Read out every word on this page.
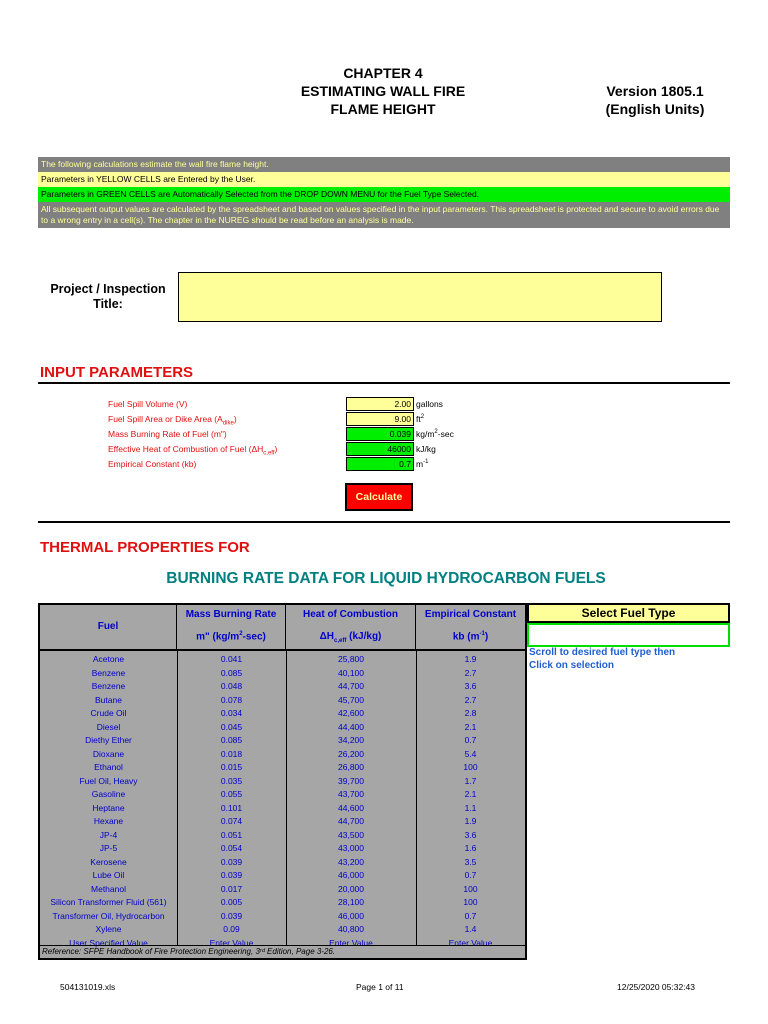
CHAPTER 4
ESTIMATING WALL FIRE
FLAME HEIGHT
Version 1805.1
(English Units)
The following calculations estimate the wall fire flame height.
Parameters in YELLOW CELLS are Entered by the User.
Parameters in GREEN CELLS are Automatically Selected from the DROP DOWN MENU for the Fuel Type Selected.
All subsequent output values are calculated by the spreadsheet and based on values specified in the input parameters. This spreadsheet is protected and secure to avoid errors due to a wrong entry in a cell(s). The chapter in the NUREG should be read before an analysis is made.
Project / Inspection
Title:
INPUT PARAMETERS
Fuel Spill Volume (V)	2.00 gallons
Fuel Spill Area or Dike Area $(A_{dike})$	9.00 $ft^2$
Mass Burning Rate of Fuel (m")	0.039 $kg/m^2-\sec$
Effective Heat of Combustion of Fuel $(\Delta H_{c,eff})$	46000 kJ/kg
Empirical Constant (kb)	0.7 $m^{-1}$
Calculate
THERMAL PROPERTIES FOR
BURNING RATE DATA FOR LIQUID HYDROCARBON FUELS
Fuel
Mass Burning Rate
m" $(kg/m^2-\sec)$
Heat of Combustion
$\Delta H_{c,eff}$ (kJ/kg)
Empirical Constant
kb $(m^{-1})$
Acetone	0.041	25,800	1.9
Benzene	0.085	40,100	2.7
Benzene	0.048	44,700	3.6
Butane	0.078	45,700	2.7
Crude Oil	0.034	42,600	2.8
Diesel	0.045	44,400	2.1
Diethy Ether	0.085	34,200	0.7
Dioxane	0.018	26,200	5.4
Ethanol	0.015	26,800	100
Fuel Oil, Heavy	0.035	39,700	1.7
Gasoline	0.055	43,700	2.1
Heptane	0.101	44,600	1.1
Hexane	0.074	44,700	1.9
JP-4	0.051	43,500	3.6
JP-5	0.054	43,000	1.6
Kerosene	0.039	43,200	3.5
Lube Oil	0.039	46,000	0.7
Methanol	0.017	20,000	100
Silicon Transformer Fluid (561)	0.005	28,100	100
Transformer Oil, Hydrocarbon	0.039	46,000	0.7
Xylene	0.09	40,800	1.4
User Specified Value	Enter Value	Enter Value	Enter Value
Reference: SFPE Handbook of Fire Protection Engineering, 3ʳᵈ Edition, Page 3-26.
Select Fuel Type
Scroll to desired fuel type then
Click on selection
504131019.xls	Page 1 of 11	12/25/2020 05:32:43
